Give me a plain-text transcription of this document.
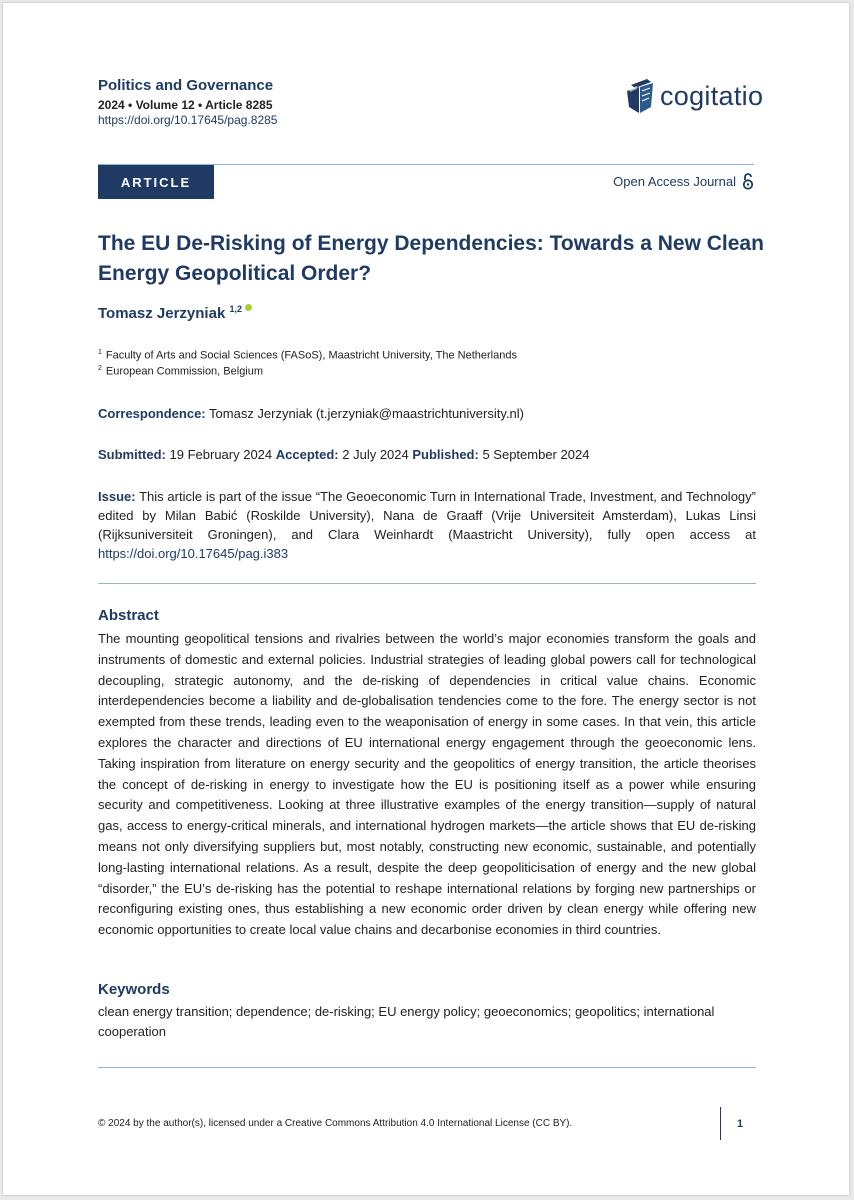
Politics and Governance
2024 • Volume 12 • Article 8285
https://doi.org/10.17645/pag.8285
cogitatio
ARTICLE	Open Access Journal
The EU De-Risking of Energy Dependencies: Towards a New Clean Energy Geopolitical Order?
Tomasz Jerzyniak $^{1,2}$
$^1$ Faculty of Arts and Social Sciences (FASoS), Maastricht University, The Netherlands
$^2$ European Commission, Belgium
Correspondence: Tomasz Jerzyniak (t.jerzyniak@maastrichtuniversity.nl)
Submitted: 19 February 2024 Accepted: 2 July 2024 Published: 5 September 2024
Issue: This article is part of the issue “The Geoeconomic Turn in International Trade, Investment, and Technology” edited by Milan Babić (Roskilde University), Nana de Graaff (Vrije Universiteit Amsterdam), Lukas Linsi (Rijksuniversiteit Groningen), and Clara Weinhardt (Maastricht University), fully open access at https://doi.org/10.17645/pag.i383
Abstract
The mounting geopolitical tensions and rivalries between the world’s major economies transform the goals and instruments of domestic and external policies. Industrial strategies of leading global powers call for technological decoupling, strategic autonomy, and the de-risking of dependencies in critical value chains. Economic interdependencies become a liability and de-globalisation tendencies come to the fore. The energy sector is not exempted from these trends, leading even to the weaponisation of energy in some cases. In that vein, this article explores the character and directions of EU international energy engagement through the geoeconomic lens. Taking inspiration from literature on energy security and the geopolitics of energy transition, the article theorises the concept of de-risking in energy to investigate how the EU is positioning itself as a power while ensuring security and competitiveness. Looking at three illustrative examples of the energy transition—supply of natural gas, access to energy-critical minerals, and international hydrogen markets—the article shows that EU de-risking means not only diversifying suppliers but, most notably, constructing new economic, sustainable, and potentially long-lasting international relations. As a result, despite the deep geopoliticisation of energy and the new global “disorder,” the EU’s de-risking has the potential to reshape international relations by forging new partnerships or reconfiguring existing ones, thus establishing a new economic order driven by clean energy while offering new economic opportunities to create local value chains and decarbonise economies in third countries.
Keywords
clean energy transition; dependence; de-risking; EU energy policy; geoeconomics; geopolitics; international cooperation
© 2024 by the author(s), licensed under a Creative Commons Attribution 4.0 International License (CC BY).	1
